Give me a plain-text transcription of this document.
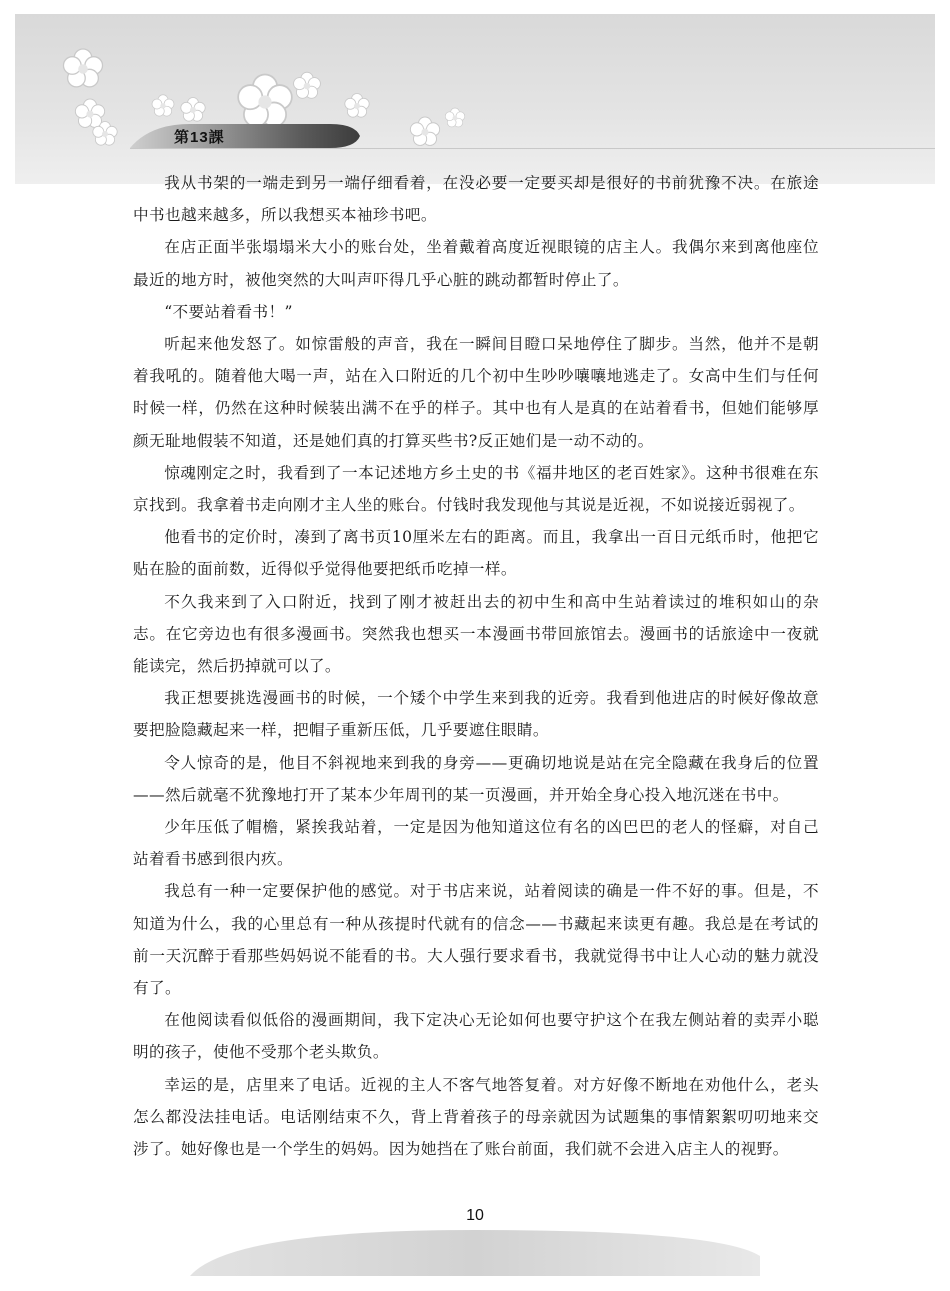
第13課

我从书架的一端走到另一端仔细看着，在没必要一定要买却是很好的书前犹豫不决。在旅途中书也越来越多，所以我想买本袖珍书吧。

在店正面半张塌塌米大小的账台处，坐着戴着高度近视眼镜的店主人。我偶尔来到离他座位最近的地方时，被他突然的大叫声吓得几乎心脏的跳动都暂时停止了。

“不要站着看书！”

听起来他发怒了。如惊雷般的声音，我在一瞬间目瞪口呆地停住了脚步。当然，他并不是朝着我吼的。随着他大喝一声，站在入口附近的几个初中生吵吵嚷嚷地逃走了。女高中生们与任何时候一样，仍然在这种时候装出满不在乎的样子。其中也有人是真的在站着看书，但她们能够厚颜无耻地假装不知道，还是她们真的打算买些书?反正她们是一动不动的。

惊魂刚定之时，我看到了一本记述地方乡土史的书《福井地区的老百姓家》。这种书很难在东京找到。我拿着书走向刚才主人坐的账台。付钱时我发现他与其说是近视，不如说接近弱视了。

他看书的定价时，凑到了离书页10厘米左右的距离。而且，我拿出一百日元纸币时，他把它贴在脸的面前数，近得似乎觉得他要把纸币吃掉一样。

不久我来到了入口附近，找到了刚才被赶出去的初中生和高中生站着读过的堆积如山的杂志。在它旁边也有很多漫画书。突然我也想买一本漫画书带回旅馆去。漫画书的话旅途中一夜就能读完，然后扔掉就可以了。

我正想要挑选漫画书的时候，一个矮个中学生来到我的近旁。我看到他进店的时候好像故意要把脸隐藏起来一样，把帽子重新压低，几乎要遮住眼睛。

令人惊奇的是，他目不斜视地来到我的身旁——更确切地说是站在完全隐藏在我身后的位置——然后就毫不犹豫地打开了某本少年周刊的某一页漫画，并开始全身心投入地沉迷在书中。

少年压低了帽檐，紧挨我站着，一定是因为他知道这位有名的凶巴巴的老人的怪癖，对自己站着看书感到很内疚。

我总有一种一定要保护他的感觉。对于书店来说，站着阅读的确是一件不好的事。但是，不知道为什么，我的心里总有一种从孩提时代就有的信念——书藏起来读更有趣。我总是在考试的前一天沉醉于看那些妈妈说不能看的书。大人强行要求看书，我就觉得书中让人心动的魅力就没有了。

在他阅读看似低俗的漫画期间，我下定决心无论如何也要守护这个在我左侧站着的卖弄小聪明的孩子，使他不受那个老头欺负。

幸运的是，店里来了电话。近视的主人不客气地答复着。对方好像不断地在劝他什么，老头怎么都没法挂电话。电话刚结束不久，背上背着孩子的母亲就因为试题集的事情絮絮叨叨地来交涉了。她好像也是一个学生的妈妈。因为她挡在了账台前面，我们就不会进入店主人的视野。

10
